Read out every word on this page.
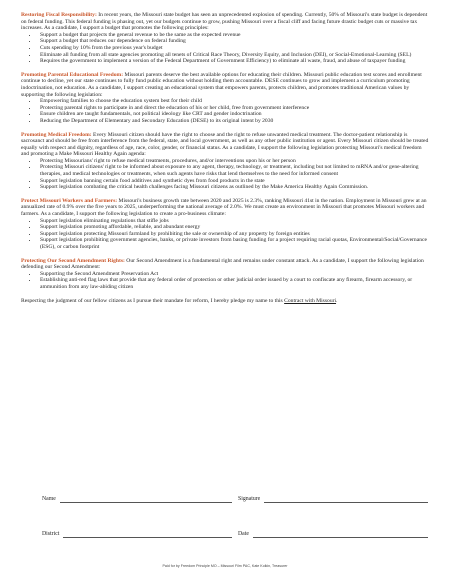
Restoring Fiscal Responsibility: In recent years, the Missouri state budget has seen an unprecedented explosion of spending. Currently, 50% of Missouri's state budget is dependent on federal funding. This federal funding is phasing out, yet our budgets continue to grow, pushing Missouri over a fiscal cliff and facing future drastic budget cuts or massive tax increases. As a candidate, I support a budget that promotes the following principles:

• Support a budget that projects the general revenue to be the same as the expected revenue
• Support a budget that reduces our dependence on federal funding
• Cuts spending by 10% from the previous year's budget
• Eliminate all funding from all state agencies promoting all tenets of Critical Race Theory, Diversity Equity, and Inclusion (DEI), or Social-Emotional-Learning (SEL)
• Requires the government to implement a version of the Federal Department of Government Efficiency) to eliminate all waste, fraud, and abuse of taxpayer funding

Promoting Parental Educational Freedom: Missouri parents deserve the best available options for educating their children. Missouri public education test scores and enrollment continue to decline, yet our state continues to fully fund public education without holding them accountable. DESE continues to grow and implement a curriculum promoting indoctrination, not education. As a candidate, I support creating an educational system that empowers parents, protects children, and promotes traditional American values by supporting the following legislation:

• Empowering families to choose the education system best for their child
• Protecting parental rights to participate in and direct the education of his or her child, free from government interference
• Ensure children are taught fundamentals, not political ideology like CRT and gender indoctrination
• Reducing the Department of Elementary and Secondary Education (DESE) to its original intent by 2030

Promoting Medical Freedom: Every Missouri citizen should have the right to choose and the right to refuse unwanted medical treatment. The doctor-patient relationship is sacrosanct and should be free from interference from the federal, state, and local government, as well as any other public institution or agent. Every Missouri citizen should be treated equally with respect and dignity, regardless of age, race, color, gender, or financial status. As a candidate, I support the following legislation protecting Missouri's medical freedom and promoting a Make Missouri Healthy Again agenda:

• Protecting Missourians' right to refuse medical treatments, procedures, and/or interventions upon his or her person
• Protecting Missouri citizens' right to be informed about exposure to any agent, therapy, technology, or treatment, including but not limited to mRNA and/or gene-altering therapies, and medical technologies or treatments, when such agents have risks that lend themselves to the need for informed consent
• Support legislation banning certain food additives and synthetic dyes from food products in the state
• Support legislation combating the critical health challenges facing Missouri citizens as outlined by the Make America Healthy Again Commission.

Protect Missouri Workers and Farmers: Missouri's business growth rate between 2020 and 2025 is 2.3%, ranking Missouri 41st in the nation. Employment in Missouri grew at an annualized rate of 0.9% over the five years to 2025, underperforming the national average of 2.0%. We must create an environment in Missouri that promotes Missouri workers and farmers. As a candidate, I support the following legislation to create a pro-business climate:

• Support legislation eliminating regulations that stifle jobs
• Support legislation promoting affordable, reliable, and abundant energy
• Support legislation protecting Missouri farmland by prohibiting the sale or ownership of any property by foreign entities
• Support legislation prohibiting government agencies, banks, or private investors from basing funding for a project requiring racial quotas, Environmental/Social/Governance (ESG), or carbon footprint

Protecting Our Second Amendment Rights: Our Second Amendment is a fundamental right and remains under constant attack. As a candidate, I support the following legislation defending our Second Amendment:

• Supporting the Second Amendment Preservation Act
• Establishing anti-red flag laws that provide that any federal order of protection or other judicial order issued by a court to confiscate any firearm, firearm accessory, or ammunition from any law-abiding citizen

Respecting the judgment of our fellow citizens as I pursue their mandate for reform, I hereby pledge my name to this Contract with Missouri.

Name	Signature
District	Date
Paid for by Freedom Principle MO – Missouri Film PAC, Kate Kolkin, Treasurer
